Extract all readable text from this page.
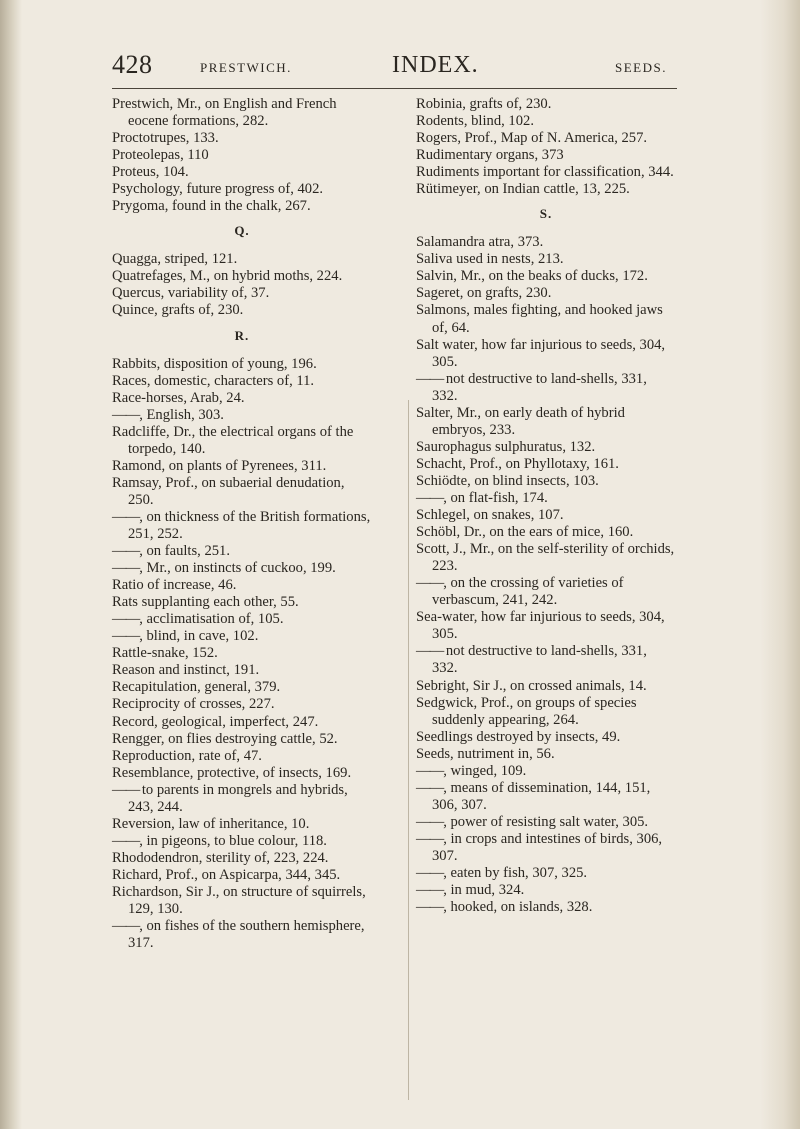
428	PRESTWICH.	INDEX.	SEEDS.
Prestwich, Mr., on English and French eocene formations, 282.
Proctotrupes, 133.
Proteolepas, 110
Proteus, 104.
Psychology, future progress of, 402.
Prygoma, found in the chalk, 267.
Q.
Quagga, striped, 121.
Quatrefages, M., on hybrid moths, 224.
Quercus, variability of, 37.
Quince, grafts of, 230.
R.
Rabbits, disposition of young, 196.
Races, domestic, characters of, 11.
Race-horses, Arab, 24.
—— , English, 303.
Radcliffe, Dr., the electrical organs of the torpedo, 140.
Ramond, on plants of Pyrenees, 311.
Ramsay, Prof., on subaerial denudation, 250.
—— , on thickness of the British formations, 251, 252.
—— , on faults, 251.
—— , Mr., on instincts of cuckoo, 199.
Ratio of increase, 46.
Rats supplanting each other, 55.
—— , acclimatisation of, 105.
—— , blind, in cave, 102.
Rattle-snake, 152.
Reason and instinct, 191.
Recapitulation, general, 379.
Reciprocity of crosses, 227.
Record, geological, imperfect, 247.
Rengger, on flies destroying cattle, 52.
Reproduction, rate of, 47.
Resemblance, protective, of insects, 169.
—— to parents in mongrels and hybrids, 243, 244.
Reversion, law of inheritance, 10.
—— , in pigeons, to blue colour, 118.
Rhododendron, sterility of, 223, 224.
Richard, Prof., on Aspicarpa, 344, 345.
Richardson, Sir J., on structure of squirrels, 129, 130.
—— , on fishes of the southern hemisphere, 317.
Robinia, grafts of, 230.
Rodents, blind, 102.
Rogers, Prof., Map of N. America, 257.
Rudimentary organs, 373
Rudiments important for classification, 344.
Rütimeyer, on Indian cattle, 13, 225.
S.
Salamandra atra, 373.
Saliva used in nests, 213.
Salvin, Mr., on the beaks of ducks, 172.
Sageret, on grafts, 230.
Salmons, males fighting, and hooked jaws of, 64.
Salt water, how far injurious to seeds, 304, 305.
—— not destructive to land-shells, 331, 332.
Salter, Mr., on early death of hybrid embryos, 233.
Saurophagus sulphuratus, 132.
Schacht, Prof., on Phyllotaxy, 161.
Schiödte, on blind insects, 103.
—— , on flat-fish, 174.
Schlegel, on snakes, 107.
Schöbl, Dr., on the ears of mice, 160.
Scott, J., Mr., on the self-sterility of orchids, 223.
—— , on the crossing of varieties of verbascum, 241, 242.
Sea-water, how far injurious to seeds, 304, 305.
—— not destructive to land-shells, 331, 332.
Sebright, Sir J., on crossed animals, 14.
Sedgwick, Prof., on groups of species suddenly appearing, 264.
Seedlings destroyed by insects, 49.
Seeds, nutriment in, 56.
—— , winged, 109.
—— , means of dissemination, 144, 151, 306, 307.
—— , power of resisting salt water, 305.
—— , in crops and intestines of birds, 306, 307.
—— , eaten by fish, 307, 325.
—— , in mud, 324.
—— , hooked, on islands, 328.
